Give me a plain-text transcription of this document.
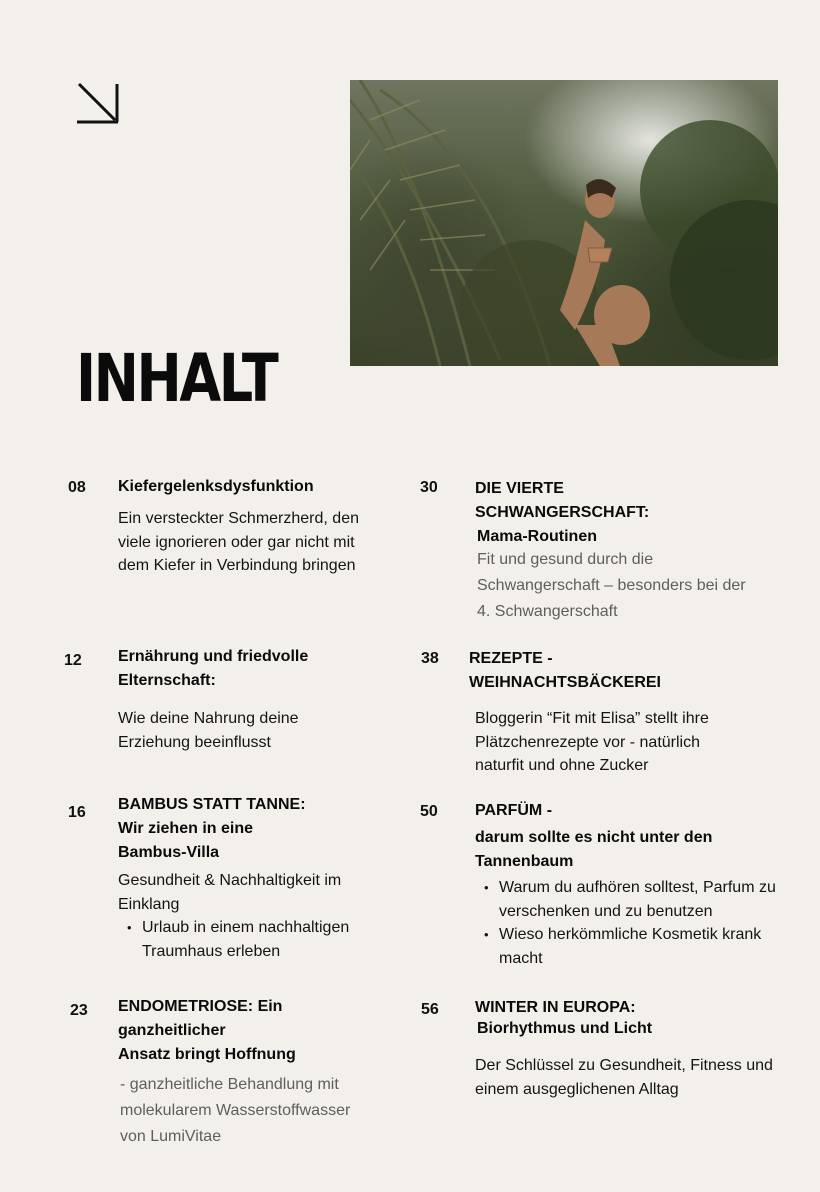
INHALT
08 Kiefergelenksdysfunktion
Ein versteckter Schmerzherd, den
viele ignorieren oder gar nicht mit
dem Kiefer in Verbindung bringen
12 Ernährung und friedvolle
Elternschaft:
Wie deine Nahrung deine
Erziehung beeinflusst
16 BAMBUS STATT TANNE:
Wir ziehen in eine
Bambus-Villa
Gesundheit & Nachhaltigkeit im
Einklang
• Urlaub in einem nachhaltigen
Traumhaus erleben
23 ENDOMETRIOSE: Ein
ganzheitlicher
Ansatz bringt Hoffnung
- ganzheitliche Behandlung mit
molekularem Wasserstoffwasser
von LumiVitae
30 DIE VIERTE
SCHWANGERSCHAFT:
Mama-Routinen
Fit und gesund durch die
Schwangerschaft – besonders bei der
4. Schwangerschaft
38 REZEPTE -
WEIHNACHTSBÄCKEREI
Bloggerin “Fit mit Elisa” stellt ihre
Plätzchenrezepte vor - natürlich
naturfit und ohne Zucker
50 PARFÜM -
darum sollte es nicht unter den
Tannenbaum
• Warum du aufhören solltest, Parfum zu
verschenken und zu benutzen
• Wieso herkömmliche Kosmetik krank
macht
56 WINTER IN EUROPA:
Biorhythmus und Licht
Der Schlüssel zu Gesundheit, Fitness und
einem ausgeglichenen Alltag
